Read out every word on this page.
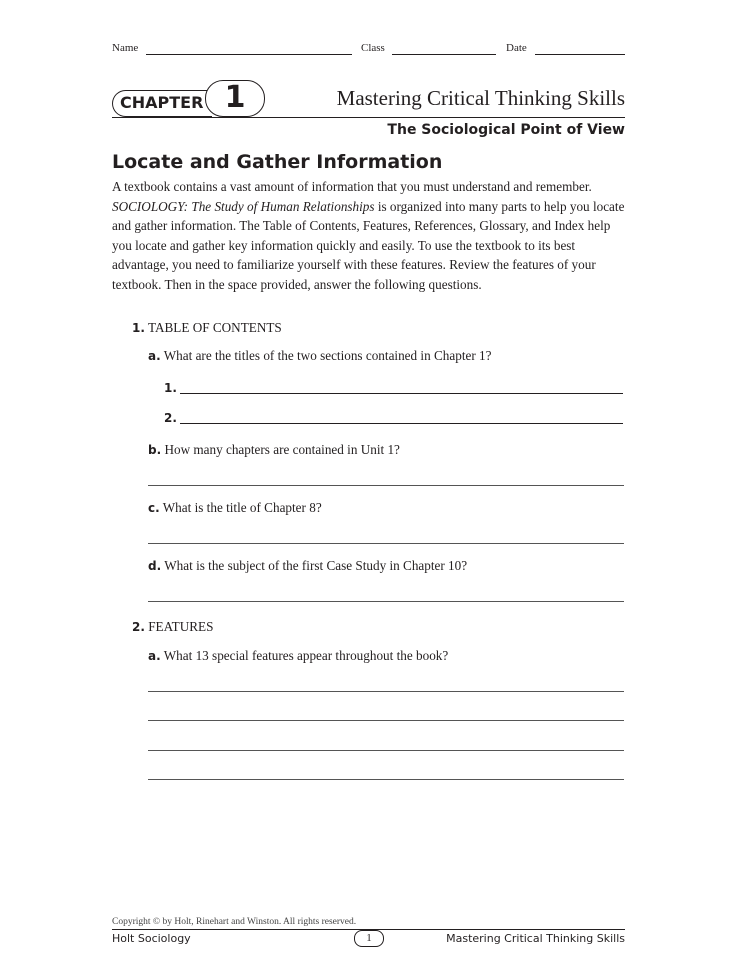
Name	Class	Date
CHAPTER 1	Mastering Critical Thinking Skills
The Sociological Point of View
Locate and Gather Information

A textbook contains a vast amount of information that you must understand and remember. SOCIOLOGY: The Study of Human Relationships is organized into many parts to help you locate and gather information. The Table of Contents, Features, References, Glossary, and Index help you locate and gather key information quickly and easily. To use the textbook to its best advantage, you need to familiarize yourself with these features. Review the features of your textbook. Then in the space provided, answer the following questions.

1. TABLE OF CONTENTS
a. What are the titles of the two sections contained in Chapter 1?
1.
2.
b. How many chapters are contained in Unit 1?
c. What is the title of Chapter 8?
d. What is the subject of the first Case Study in Chapter 10?
2. FEATURES
a. What 13 special features appear throughout the book?
Copyright © by Holt, Rinehart and Winston. All rights reserved.
Holt Sociology	1	Mastering Critical Thinking Skills
